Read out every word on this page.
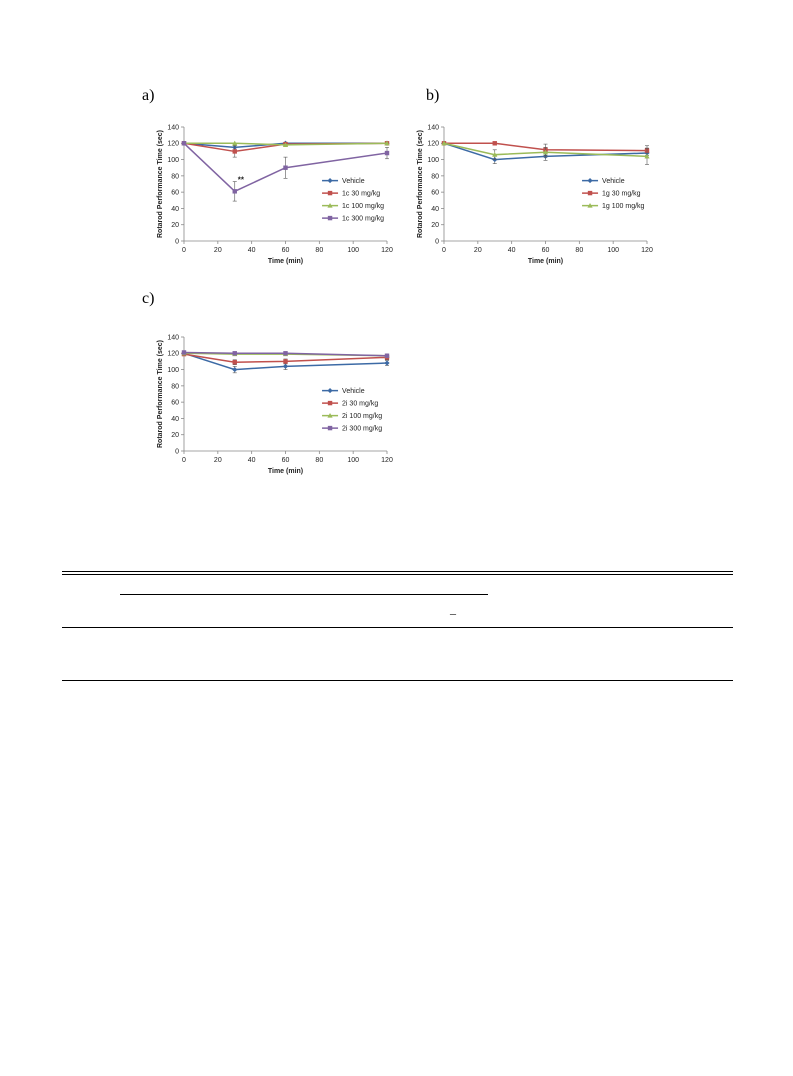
a)	b)
c)
0
20
40
60
80
100
120
140
0	20	40	60	80	100	120
Time (min)
Rotarod Performance Time (sec)	Vehicle
1c 30 mg/kg
1c 100 mg/kg
1c 300 mg/kg
**
0
20
40
60
80
100
120
140
0	20	40	60	80	100	120
Time (min)
Rotarod Performance Time (sec)	Vehicle
1g 30 mg/kg
1g 100 mg/kg
0
20
40
60
80
100
120
140
0	20	40	60	80	100	120
Time (min)
Rotarod Performance Time (sec)	Vehicle
2i 30 mg/kg
2i 100 mg/kg
2i 300 mg/kg
_
